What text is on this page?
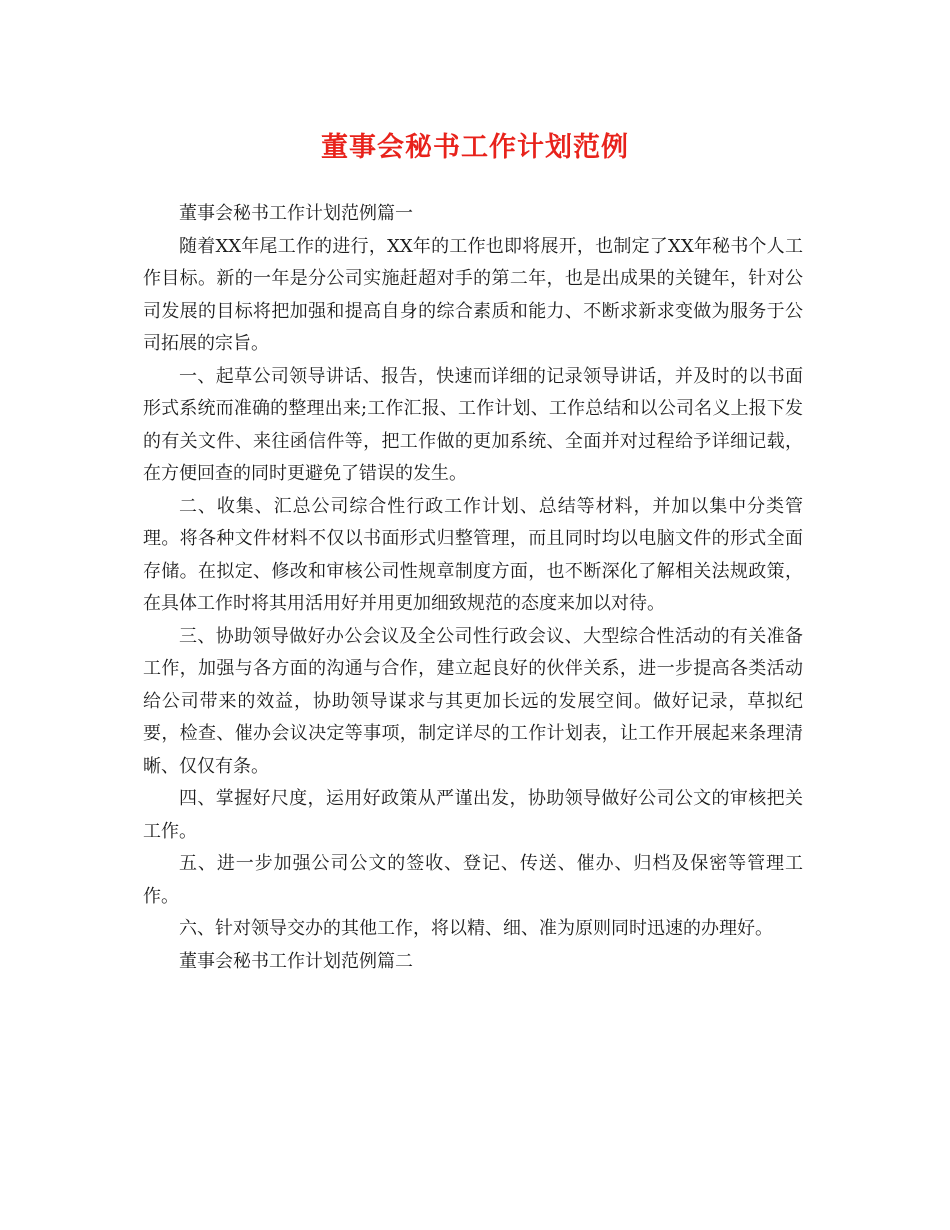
董事会秘书工作计划范例

董事会秘书工作计划范例篇一

随着XX年尾工作的进行，XX年的工作也即将展开，也制定了XX年秘书个人工作目标。新的一年是分公司实施赶超对手的第二年，也是出成果的关键年，针对公司发展的目标将把加强和提高自身的综合素质和能力、不断求新求变做为服务于公司拓展的宗旨。

一、起草公司领导讲话、报告，快速而详细的记录领导讲话，并及时的以书面形式系统而准确的整理出来;工作汇报、工作计划、工作总结和以公司名义上报下发的有关文件、来往函信件等，把工作做的更加系统、全面并对过程给予详细记载，在方便回查的同时更避免了错误的发生。

二、收集、汇总公司综合性行政工作计划、总结等材料，并加以集中分类管理。将各种文件材料不仅以书面形式归整管理，而且同时均以电脑文件的形式全面存储。在拟定、修改和审核公司性规章制度方面，也不断深化了解相关法规政策，在具体工作时将其用活用好并用更加细致规范的态度来加以对待。

三、协助领导做好办公会议及全公司性行政会议、大型综合性活动的有关准备工作，加强与各方面的沟通与合作，建立起良好的伙伴关系，进一步提高各类活动给公司带来的效益，协助领导谋求与其更加长远的发展空间。做好记录，草拟纪要，检查、催办会议决定等事项，制定详尽的工作计划表，让工作开展起来条理清晰、仅仅有条。

四、掌握好尺度，运用好政策从严谨出发，协助领导做好公司公文的审核把关工作。

五、进一步加强公司公文的签收、登记、传送、催办、归档及保密等管理工作。

六、针对领导交办的其他工作，将以精、细、准为原则同时迅速的办理好。

董事会秘书工作计划范例篇二
